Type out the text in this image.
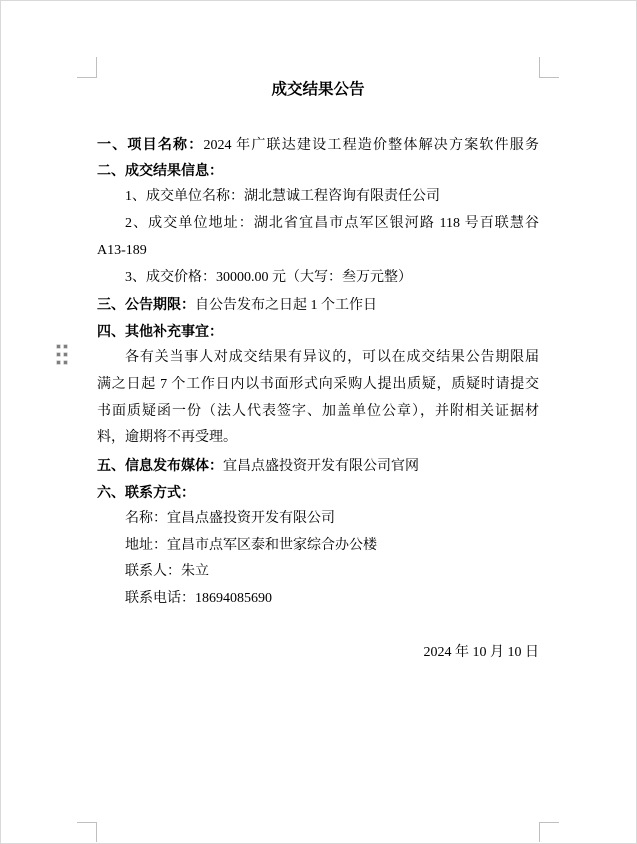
成交结果公告
一、项目名称：2024 年广联达建设工程造价整体解决方案软件服务
二、成交结果信息：
1、成交单位名称：湖北慧诚工程咨询有限责任公司
2、成交单位地址：湖北省宜昌市点军区银河路 118 号百联慧谷
A13-189
3、成交价格：30000.00 元（大写：叁万元整）
三、公告期限：自公告发布之日起 1 个工作日
四、其他补充事宜：
各有关当事人对成交结果有异议的，可以在成交结果公告期限届
满之日起 7 个工作日内以书面形式向采购人提出质疑，质疑时请提交
书面质疑函一份（法人代表签字、加盖单位公章），并附相关证据材
料，逾期将不再受理。
五、信息发布媒体：宜昌点盛投资开发有限公司官网
六、联系方式：
名称：宜昌点盛投资开发有限公司
地址：宜昌市点军区泰和世家综合办公楼
联系人：朱立
联系电话：18694085690
2024 年 10 月 10 日
